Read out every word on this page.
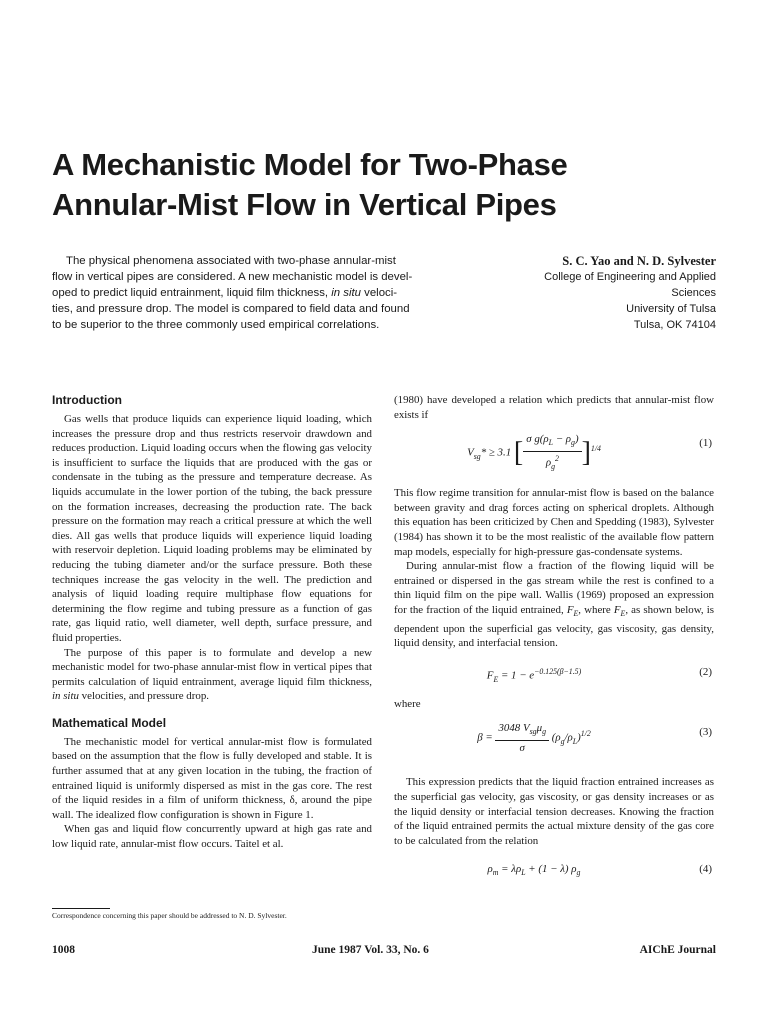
A Mechanistic Model for Two-Phase
Annular-Mist Flow in Vertical Pipes

The physical phenomena associated with two-phase annular-mist
flow in vertical pipes are considered. A new mechanistic model is devel-
oped to predict liquid entrainment, liquid film thickness, in situ veloci-
ties, and pressure drop. The model is compared to field data and found
to be superior to the three commonly used empirical correlations.

S. C. Yao and N. D. Sylvester
College of Engineering and Applied
Sciences
University of Tulsa
Tulsa, OK 74104
Introduction

Gas wells that produce liquids can experience liquid loading, which increases the pressure drop and thus restricts reservoir drawdown and reduces production. Liquid loading occurs when the flowing gas velocity is insufficient to surface the liquids that are produced with the gas or condensate in the tubing as the pressure and temperature decrease. As liquids accumulate in the lower portion of the tubing, the back pressure on the formation increases, decreasing the production rate. The back pressure on the formation may reach a critical pressure at which the well dies. All gas wells that produce liquids will experience liquid loading with reservoir depletion. Liquid loading problems may be eliminated by reducing the tubing diameter and/or the surface pressure. Both these techniques increase the gas velocity in the well. The prediction and analysis of liquid loading require multiphase flow equations for determining the flow regime and tubing pressure as a function of gas rate, gas liquid ratio, well diameter, well depth, surface pressure, and fluid properties.

The purpose of this paper is to formulate and develop a new mechanistic model for two-phase annular-mist flow in vertical pipes that permits calculation of liquid entrainment, average liquid film thickness, in situ velocities, and pressure drop.

Mathematical Model

The mechanistic model for vertical annular-mist flow is formulated based on the assumption that the flow is fully developed and stable. It is further assumed that at any given location in the tubing, the fraction of entrained liquid is uniformly dispersed as mist in the gas core. The rest of the liquid resides in a film of uniform thickness, δ, around the pipe wall. The idealized flow configuration is shown in Figure 1.

When gas and liquid flow concurrently upward at high gas rate and low liquid rate, annular-mist flow occurs. Taitel et al.

(1980) have developed a relation which predicts that annular-mist flow exists if

$V_{sg}* \ge 3.1$ [ $\frac{\sigma g(\rho_L - \rho_g)}{\rho_g^2} ]^{1/4}$	(1)

This flow regime transition for annular-mist flow is based on the balance between gravity and drag forces acting on spherical droplets. Although this equation has been criticized by Chen and Spedding (1983), Sylvester (1984) has shown it to be the most realistic of the available flow pattern map models, especially for high-pressure gas-condensate systems.

During annular-mist flow a fraction of the flowing liquid will be entrained or dispersed in the gas stream while the rest is confined to a thin liquid film on the pipe wall. Wallis (1969) proposed an expression for the fraction of the liquid entrained, $F_E$, where $F_E$, as shown below, is dependent upon the superficial gas velocity, gas viscosity, gas density, liquid density, and interfacial tension.

$F_E = 1 - e^{-0.125(\beta-1.5)}$	(2)

where

$\beta = \frac{3048 V_{sg}\mu_g}{\sigma} (\rho_g/\rho_L)^{1/2}$	(3)

This expression predicts that the liquid fraction entrained increases as the superficial gas velocity, gas viscosity, or gas density increases or as the liquid density or interfacial tension decreases. Knowing the fraction of the liquid entrained permits the actual mixture density of the gas core to be calculated from the relation

$\rho_m = \lambda\rho_L + (1 - \lambda)$ $\rho_g$	(4)
Correspondence concerning this paper should be addressed to N. D. Sylvester.
1008	June 1987 Vol. 33, No. 6	AIChE Journal
